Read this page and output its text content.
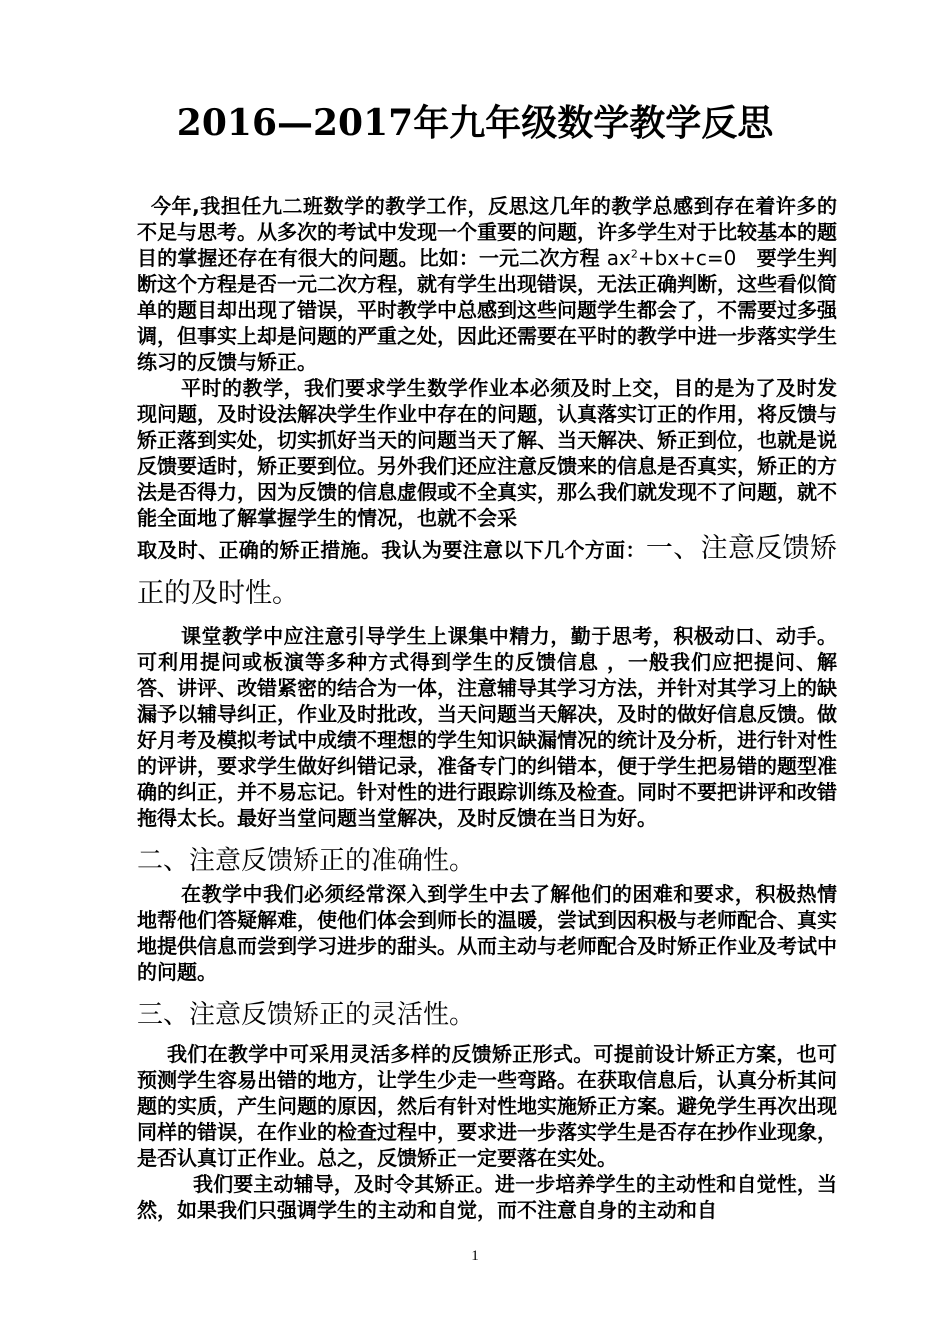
2016—2017年九年级数学教学反思

今年,我担任九二班数学的教学工作，反思这几年的教学总感到存在着许多的不足与思考。从多次的考试中发现一个重要的问题，许多学生对于比较基本的题目的掌握还存在有很大的问题。比如：一元二次方程 $ax^2+bx+c=0$　要学生判断这个方程是否一元二次方程，就有学生出现错误，无法正确判断，这些看似简单的题目却出现了错误，平时教学中总感到这些问题学生都会了，不需要过多强调，但事实上却是问题的严重之处，因此还需要在平时的教学中进一步落实学生练习的反馈与矫正。

平时的教学，我们要求学生数学作业本必须及时上交，目的是为了及时发现问题，及时设法解决学生作业中存在的问题，认真落实订正的作用，将反馈与矫正落到实处，切实抓好当天的问题当天了解、当天解决、矫正到位，也就是说反馈要适时，矫正要到位。另外我们还应注意反馈来的信息是否真实，矫正的方法是否得力，因为反馈的信息虚假或不全真实，那么我们就发现不了问题，就不能全面地了解掌握学生的情况，也就不会采

取及时、正确的矫正措施。我认为要注意以下几个方面：一、注意反馈矫正的及时性。

课堂教学中应注意引导学生上课集中精力，勤于思考，积极动口、动手。可利用提问或板演等多种方式得到学生的反馈信息 ，一般我们应把提问、解答、讲评、改错紧密的结合为一体，注意辅导其学习方法，并针对其学习上的缺漏予以辅导纠正，作业及时批改，当天问题当天解决，及时的做好信息反馈。做好月考及模拟考试中成绩不理想的学生知识缺漏情况的统计及分析，进行针对性的评讲，要求学生做好纠错记录，准备专门的纠错本，便于学生把易错的题型准确的纠正，并不易忘记。针对性的进行跟踪训练及检查。同时不要把讲评和改错拖得太长。最好当堂问题当堂解决，及时反馈在当日为好。

二、注意反馈矫正的准确性。

在教学中我们必须经常深入到学生中去了解他们的困难和要求，积极热情地帮他们答疑解难，使他们体会到师长的温暖，尝试到因积极与老师配合、真实地提供信息而尝到学习进步的甜头。从而主动与老师配合及时矫正作业及考试中的问题。

三、注意反馈矫正的灵活性。

我们在教学中可采用灵活多样的反馈矫正形式。可提前设计矫正方案，也可预测学生容易出错的地方，让学生少走一些弯路。在获取信息后，认真分析其问题的实质，产生问题的原因，然后有针对性地实施矫正方案。避免学生再次出现同样的错误，在作业的检查过程中，要求进一步落实学生是否存在抄作业现象，是否认真订正作业。总之，反馈矫正一定要落在实处。

我们要主动辅导，及时令其矫正。进一步培养学生的主动性和自觉性，当然，如果我们只强调学生的主动和自觉，而不注意自身的主动和自

1
